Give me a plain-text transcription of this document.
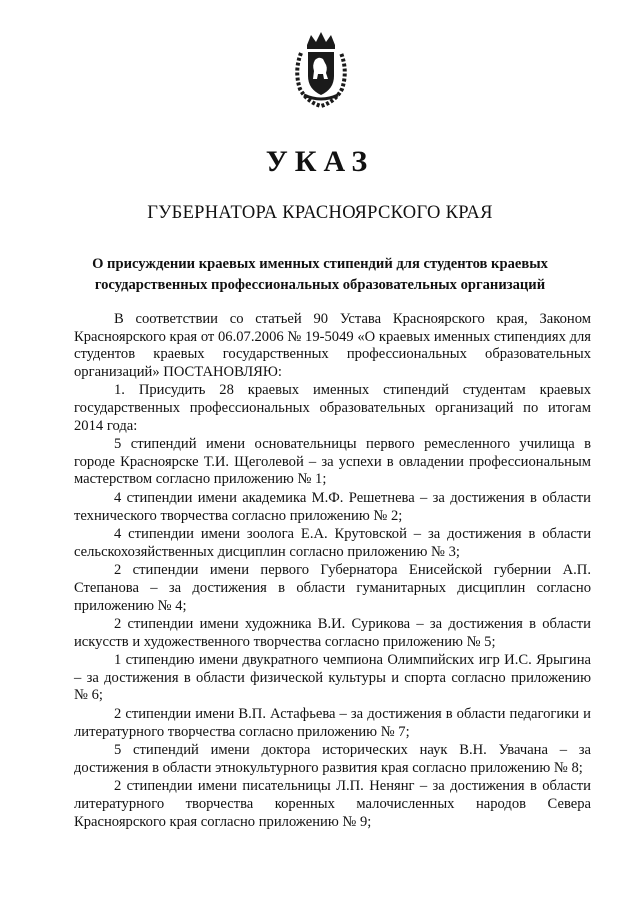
УКАЗ
ГУБЕРНАТОРА КРАСНОЯРСКОГО КРАЯ
О присуждении краевых именных стипендий для студентов краевых государственных профессиональных образовательных организаций

В соответствии со статьей 90 Устава Красноярского края, Законом Красноярского края от 06.07.2006 № 19-5049 «О краевых именных стипендиях для студентов краевых государственных профессиональных образовательных организаций» ПОСТАНОВЛЯЮ:

1. Присудить 28 краевых именных стипендий студентам краевых государственных профессиональных образовательных организаций по итогам 2014 года:

5 стипендий имени основательницы первого ремесленного училища в городе Красноярске Т.И. Щеголевой – за успехи в овладении профессиональным мастерством согласно приложению № 1;

4 стипендии имени академика М.Ф. Решетнева – за достижения в области технического творчества согласно приложению № 2;

4 стипендии имени зоолога Е.А. Крутовской – за достижения в области сельскохозяйственных дисциплин согласно приложению № 3;

2 стипендии имени первого Губернатора Енисейской губернии А.П. Степанова – за достижения в области гуманитарных дисциплин согласно приложению № 4;

2 стипендии имени художника В.И. Сурикова – за достижения в области искусств и художественного творчества согласно приложению № 5;

1 стипендию имени двукратного чемпиона Олимпийских игр И.С. Ярыгина – за достижения в области физической культуры и спорта согласно приложению № 6;

2 стипендии имени В.П. Астафьева – за достижения в области педагогики и литературного творчества согласно приложению № 7;

5 стипендий имени доктора исторических наук В.Н. Увачана – за достижения в области этнокультурного развития края согласно приложению № 8;

2 стипендии имени писательницы Л.П. Ненянг – за достижения в области литературного творчества коренных малочисленных народов Севера Красноярского края согласно приложению № 9;
